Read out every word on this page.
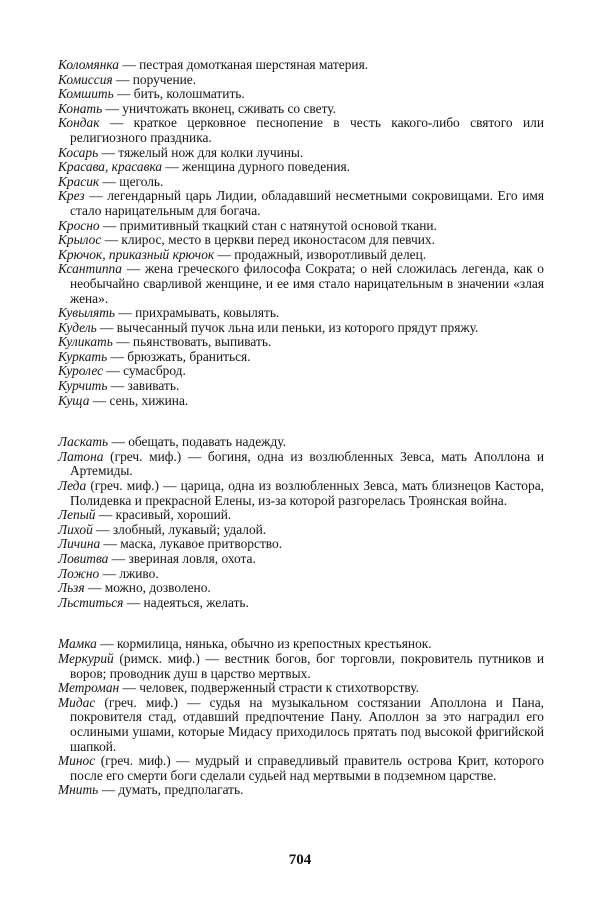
Коломянка — пестрая домотканая шерстяная материя.

Комиссия — поручение.

Комшить — бить, колошматить.

Конать — уничтожать вконец, сживать со свету.

Кондак — краткое церковное песнопение в честь какого-либо святого или религиозного праздника.

Косарь — тяжелый нож для колки лучины.

Красава, красавка — женщина дурного поведения.

Красик — щеголь.

Крез — легендарный царь Лидии, обладавший несметными сокровищами. Его имя стало нарицательным для богача.

Кросно — примитивный ткацкий стан с натянутой основой ткани.

Крылос — клирос, место в церкви перед иконостасом для певчих.

Крючок, приказный крючок — продажный, изворотливый делец.

Ксантиппа — жена греческого философа Сократа; о ней сложилась легенда, как о необычайно сварливой женщине, и ее имя стало нарицательным в значении «злая жена».

Кувылять — прихрамывать, ковылять.

Кудель — вычесанный пучок льна или пеньки, из которого прядут пряжу.

Куликать — пьянствовать, выпивать.

Куркать — брюзжать, браниться.

Куролес — сумасброд.

Курчить — завивать.

Куща — сень, хижина.

Ласкать — обещать, подавать надежду.

Латона (греч. миф.) — богиня, одна из возлюбленных Зевса, мать Аполлона и Артемиды.

Леда (греч. миф.) — царица, одна из возлюбленных Зевса, мать близнецов Кастора, Полидевка и прекрасной Елены, из-за которой разгорелась Троянская война.

Лепый — красивый, хороший.

Лихой — злобный, лукавый; удалой.

Личина — маска, лукавое притворство.

Ловитва — звериная ловля, охота.

Ложно — лживо.

Льзя — можно, дозволено.

Льститься — надеяться, желать.

Мамка — кормилица, нянька, обычно из крепостных крестьянок.

Меркурий (римск. миф.) — вестник богов, бог торговли, покровитель путников и воров; проводник душ в царство мертвых.

Метроман — человек, подверженный страсти к стихотворству.

Мидас (греч. миф.) — судья на музыкальном состязании Аполлона и Пана, покровителя стад, отдавший предпочтение Пану. Аполлон за это наградил его ослиными ушами, которые Мидасу приходилось прятать под высокой фригийской шапкой.

Минос (греч. миф.) — мудрый и справедливый правитель острова Крит, которого после его смерти боги сделали судьей над мертвыми в подземном царстве.

Мнить — думать, предполагать.

704
